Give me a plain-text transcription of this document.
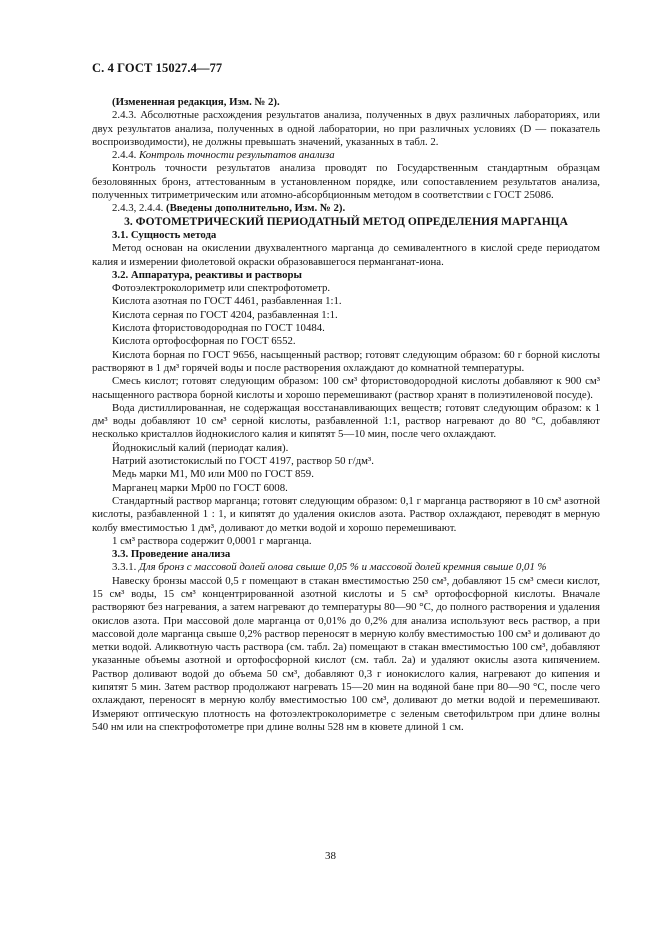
С. 4 ГОСТ 15027.4—77

(Измененная редакция, Изм. № 2).

2.4.3. Абсолютные расхождения результатов анализа, полученных в двух различных лабораториях, или двух результатов анализа, полученных в одной лаборатории, но при различных условиях (D — показатель воспроизводимости), не должны превышать значений, указанных в табл. 2.

2.4.4. Контроль точности результатов анализа

Контроль точности результатов анализа проводят по Государственным стандартным образцам безоловянных бронз, аттестованным в установленном порядке, или сопоставлением результатов анализа, полученных титриметрическим или атомно-абсорбционным методом в соответствии с ГОСТ 25086.

2.4.3, 2.4.4. (Введены дополнительно, Изм. № 2).

3. ФОТОМЕТРИЧЕСКИЙ ПЕРИОДАТНЫЙ МЕТОД ОПРЕДЕЛЕНИЯ МАРГАНЦА

3.1. Сущность метода

Метод основан на окислении двухвалентного марганца до семивалентного в кислой среде периодатом калия и измерении фиолетовой окраски образовавшегося перманганат-иона.

3.2. Аппаратура, реактивы и растворы

Фотоэлектроколориметр или спектрофотометр.

Кислота азотная по ГОСТ 4461, разбавленная 1:1.

Кислота серная по ГОСТ 4204, разбавленная 1:1.

Кислота фтористоводородная по ГОСТ 10484.

Кислота ортофосфорная по ГОСТ 6552.

Кислота борная по ГОСТ 9656, насыщенный раствор; готовят следующим образом: 60 г борной кислоты растворяют в 1 дм³ горячей воды и после растворения охлаждают до комнатной температуры.

Смесь кислот; готовят следующим образом: 100 см³ фтористоводородной кислоты добавляют к 900 см³ насыщенного раствора борной кислоты и хорошо перемешивают (раствор хранят в полиэтиленовой посуде).

Вода дистиллированная, не содержащая восстанавливающих веществ; готовят следующим образом: к 1 дм³ воды добавляют 10 см³ серной кислоты, разбавленной 1:1, раствор нагревают до 80 °С, добавляют несколько кристаллов йоднокислого калия и кипятят 5—10 мин, после чего охлаждают.

Йоднокислый калий (периодат калия).

Натрий азотистокислый по ГОСТ 4197, раствор 50 г/дм³.

Медь марки М1, М0 или М00 по ГОСТ 859.

Марганец марки Мр00 по ГОСТ 6008.

Стандартный раствор марганца; готовят следующим образом: 0,1 г марганца растворяют в 10 см³ азотной кислоты, разбавленной 1 : 1, и кипятят до удаления окислов азота. Раствор охлаждают, переводят в мерную колбу вместимостью 1 дм³, доливают до метки водой и хорошо перемешивают.

1 см³ раствора содержит 0,0001 г марганца.

3.3. Проведение анализа

3.3.1. Для бронз с массовой долей олова свыше 0,05 % и массовой долей кремния свыше 0,01 %

Навеску бронзы массой 0,5 г помещают в стакан вместимостью 250 см³, добавляют 15 см³ смеси кислот, 15 см³ воды, 15 см³ концентрированной азотной кислоты и 5 см³ ортофосфорной кислоты. Вначале растворяют без нагревания, а затем нагревают до температуры 80—90 °С, до полного растворения и удаления окислов азота. При массовой доле марганца от 0,01% до 0,2% для анализа используют весь раствор, а при массовой доле марганца свыше 0,2% раствор переносят в мерную колбу вместимостью 100 см³ и доливают до метки водой. Аликвотную часть раствора (см. табл. 2а) помещают в стакан вместимостью 100 см³, добавляют указанные объемы азотной и ортофосфорной кислот (см. табл. 2а) и удаляют окислы азота кипячением. Раствор доливают водой до объема 50 см³, добавляют 0,3 г ионокислого калия, нагревают до кипения и кипятят 5 мин. Затем раствор продолжают нагревать 15—20 мин на водяной бане при 80—90 °С, после чего охлаждают, переносят в мерную колбу вместимостью 100 см³, доливают до метки водой и перемешивают. Измеряют оптическую плотность на фотоэлектроколориметре с зеленым светофильтром при длине волны 540 нм или на спектрофотометре при длине волны 528 нм в кювете длиной 1 см.

38
